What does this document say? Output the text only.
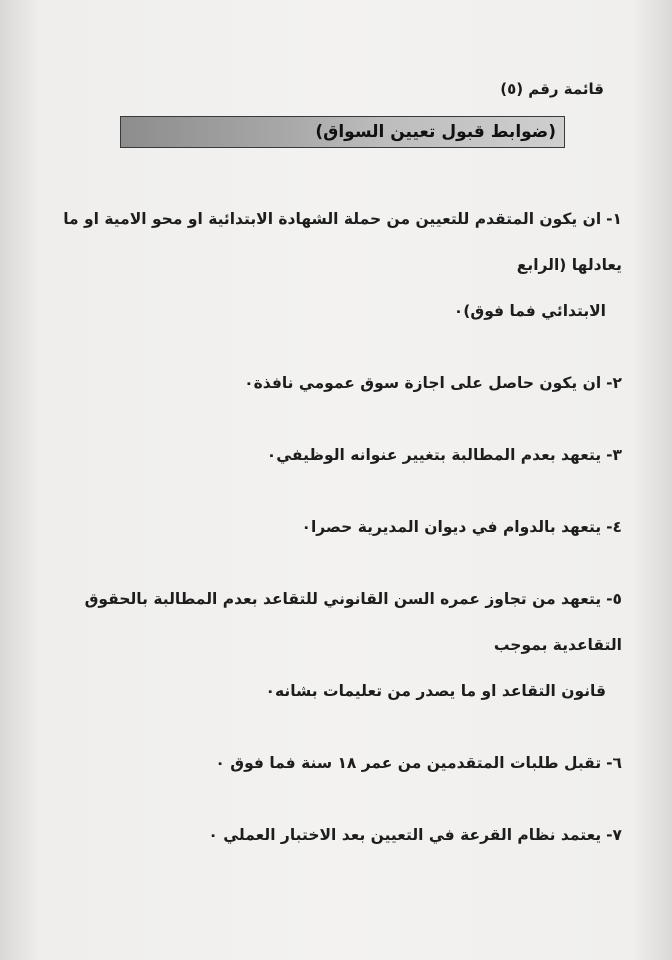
قائمة رقم (٥)
(ضوابط قبول تعيين السواق)
١- ان يكون المتقدم للتعيين من حملة الشهادة الابتدائية او محو الامية او ما يعادلها (الرابع
الابتدائي فما فوق)٠
٢- ان يكون حاصل على اجازة سوق عمومي نافذة٠
٣- يتعهد بعدم المطالبة بتغيير عنوانه الوظيفي٠
٤- يتعهد بالدوام في ديوان المديرية حصرا٠
٥- يتعهد من تجاوز عمره السن القانوني للتقاعد بعدم المطالبة بالحقوق التقاعدية بموجب
قانون التقاعد او ما يصدر من تعليمات بشانه٠
٦- تقبل طلبات المتقدمين من عمر ١٨ سنة فما فوق ٠
٧- يعتمد نظام القرعة في التعيين بعد الاختبار العملي ٠
